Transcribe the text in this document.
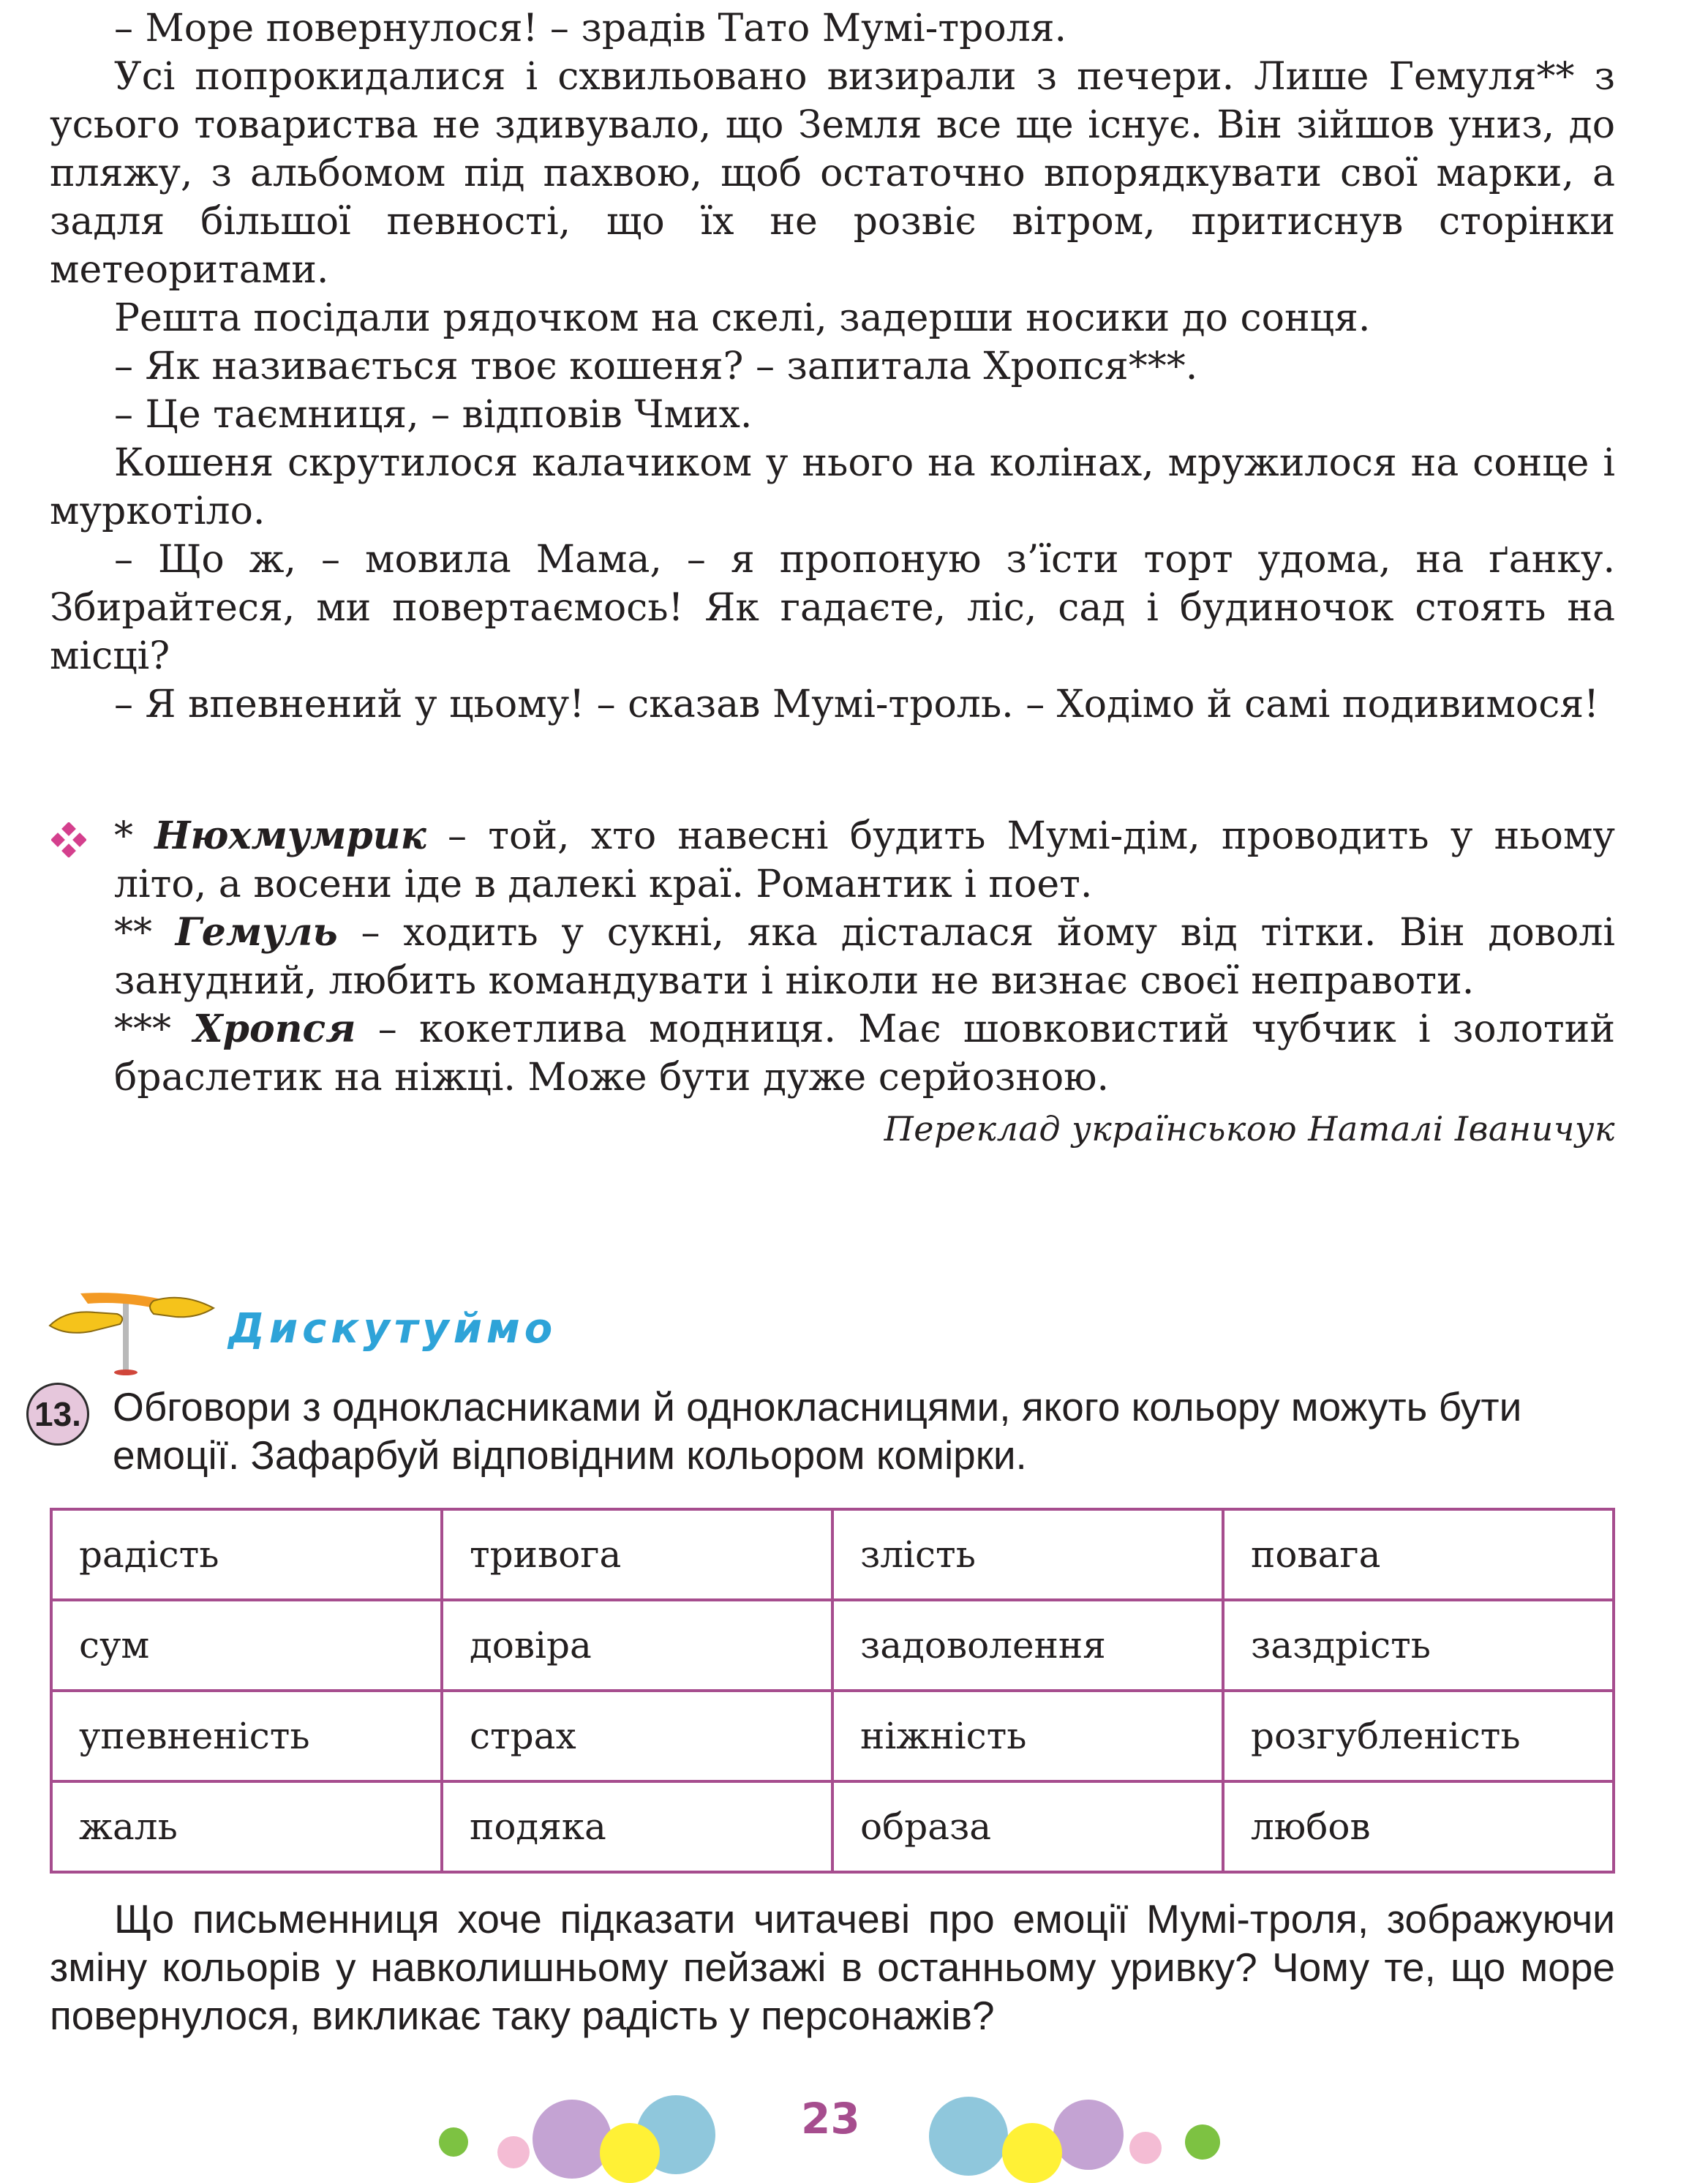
– Море повернулося! – зрадів Тато Мумі-троля.

Усі попрокидалися і схвильовано визирали з печери. Лише Гемуля** з усього товариства не здивувало, що Земля все ще існує. Він зійшов униз, до пляжу, з альбомом під пахвою, щоб остаточно впорядкувати свої марки, а задля більшої певності, що їх не розвіє вітром, притиснув сторінки метеоритами.

Решта посідали рядочком на скелі, задерши носики до сонця.

– Як називається твоє кошеня? – запитала Хропся***.

– Це таємниця, – відповів Чмих.

Кошеня скрутилося калачиком у нього на колінах, мружилося на сонце і муркотіло.

– Що ж, – мовила Мама, – я пропоную з’їсти торт удома, на ґанку. Збирайтеся, ми повертаємось! Як гадаєте, ліс, сад і будиночок стоять на місці?

– Я впевнений у цьому! – сказав Мумі-троль. – Ходімо й самі подивимося!

* Нюхмумрик – той, хто навесні будить Мумі-дім, проводить у ньому літо, а восени іде в далекі краї. Романтик і поет.

** Гемуль – ходить у сукні, яка дісталася йому від тітки. Він доволі занудний, любить командувати і ніколи не визнає своєї неправоти.

*** Хропся – кокетлива модниця. Має шовковистий чубчик і золотий браслетик на ніжці. Може бути дуже серйозною.

Переклад українською Наталі Іваничук
Дискутуймо
13. Обговори з однокласниками й однокласницями, якого кольору можуть бути емоції. Зафарбуй відповідним кольором комірки.
радість	тривога	злість	повага
сум	довіра	задоволення	заздрість
упевненість	страх	ніжність	розгубленість
жаль	подяка	образа	любов
Що письменниця хоче підказати читачеві про емоції Мумі-троля, зображуючи зміну кольорів у навколишньому пейзажі в останньому уривку? Чому те, що море повернулося, викликає таку радість у персонажів?
23
